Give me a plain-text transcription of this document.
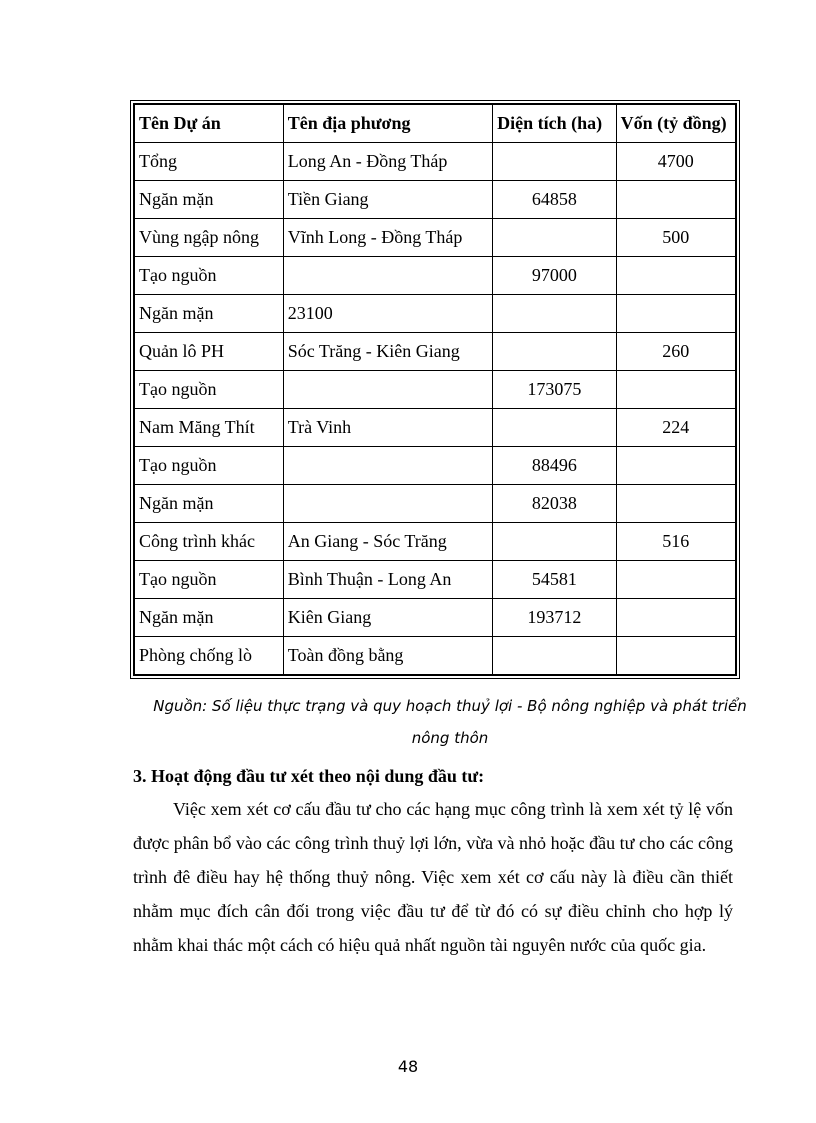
Tên Dự án	Tên địa phương	Diện tích (ha)	Vốn (tỷ đồng)
Tổng	Long An - Đồng Tháp		4700
Ngăn mặn	Tiền Giang	64858	
Vùng ngập nông	Vĩnh Long - Đồng Tháp		500
Tạo nguồn		97000	
Ngăn mặn	23100		
Quản lô PH	Sóc Trăng - Kiên Giang		260
Tạo nguồn		173075	
Nam Măng Thít	Trà Vinh		224
Tạo nguồn		88496	
Ngăn mặn		82038	
Công trình khác	An Giang - Sóc Trăng		516
Tạo nguồn	Bình Thuận - Long An	54581	
Ngăn mặn	Kiên Giang	193712	
Phòng chống lò	Toàn đồng bằng		
Nguồn: Số liệu thực trạng và quy hoạch thuỷ lợi - Bộ nông nghiệp và phát triển nông thôn
3. Hoạt động đầu tư xét theo nội dung đầu tư:
Việc xem xét cơ cấu đầu tư cho các hạng mục công trình là xem xét tỷ lệ vốn được phân bổ vào các công trình thuỷ lợi lớn, vừa và nhỏ hoặc đầu tư cho các công trình đê điều hay hệ thống thuỷ nông. Việc xem xét cơ cấu này là điều cần thiết nhằm mục đích cân đối trong việc đầu tư để từ đó có sự điều chỉnh cho hợp lý nhằm khai thác một cách có hiệu quả nhất nguồn tài nguyên nước của quốc gia.
48
